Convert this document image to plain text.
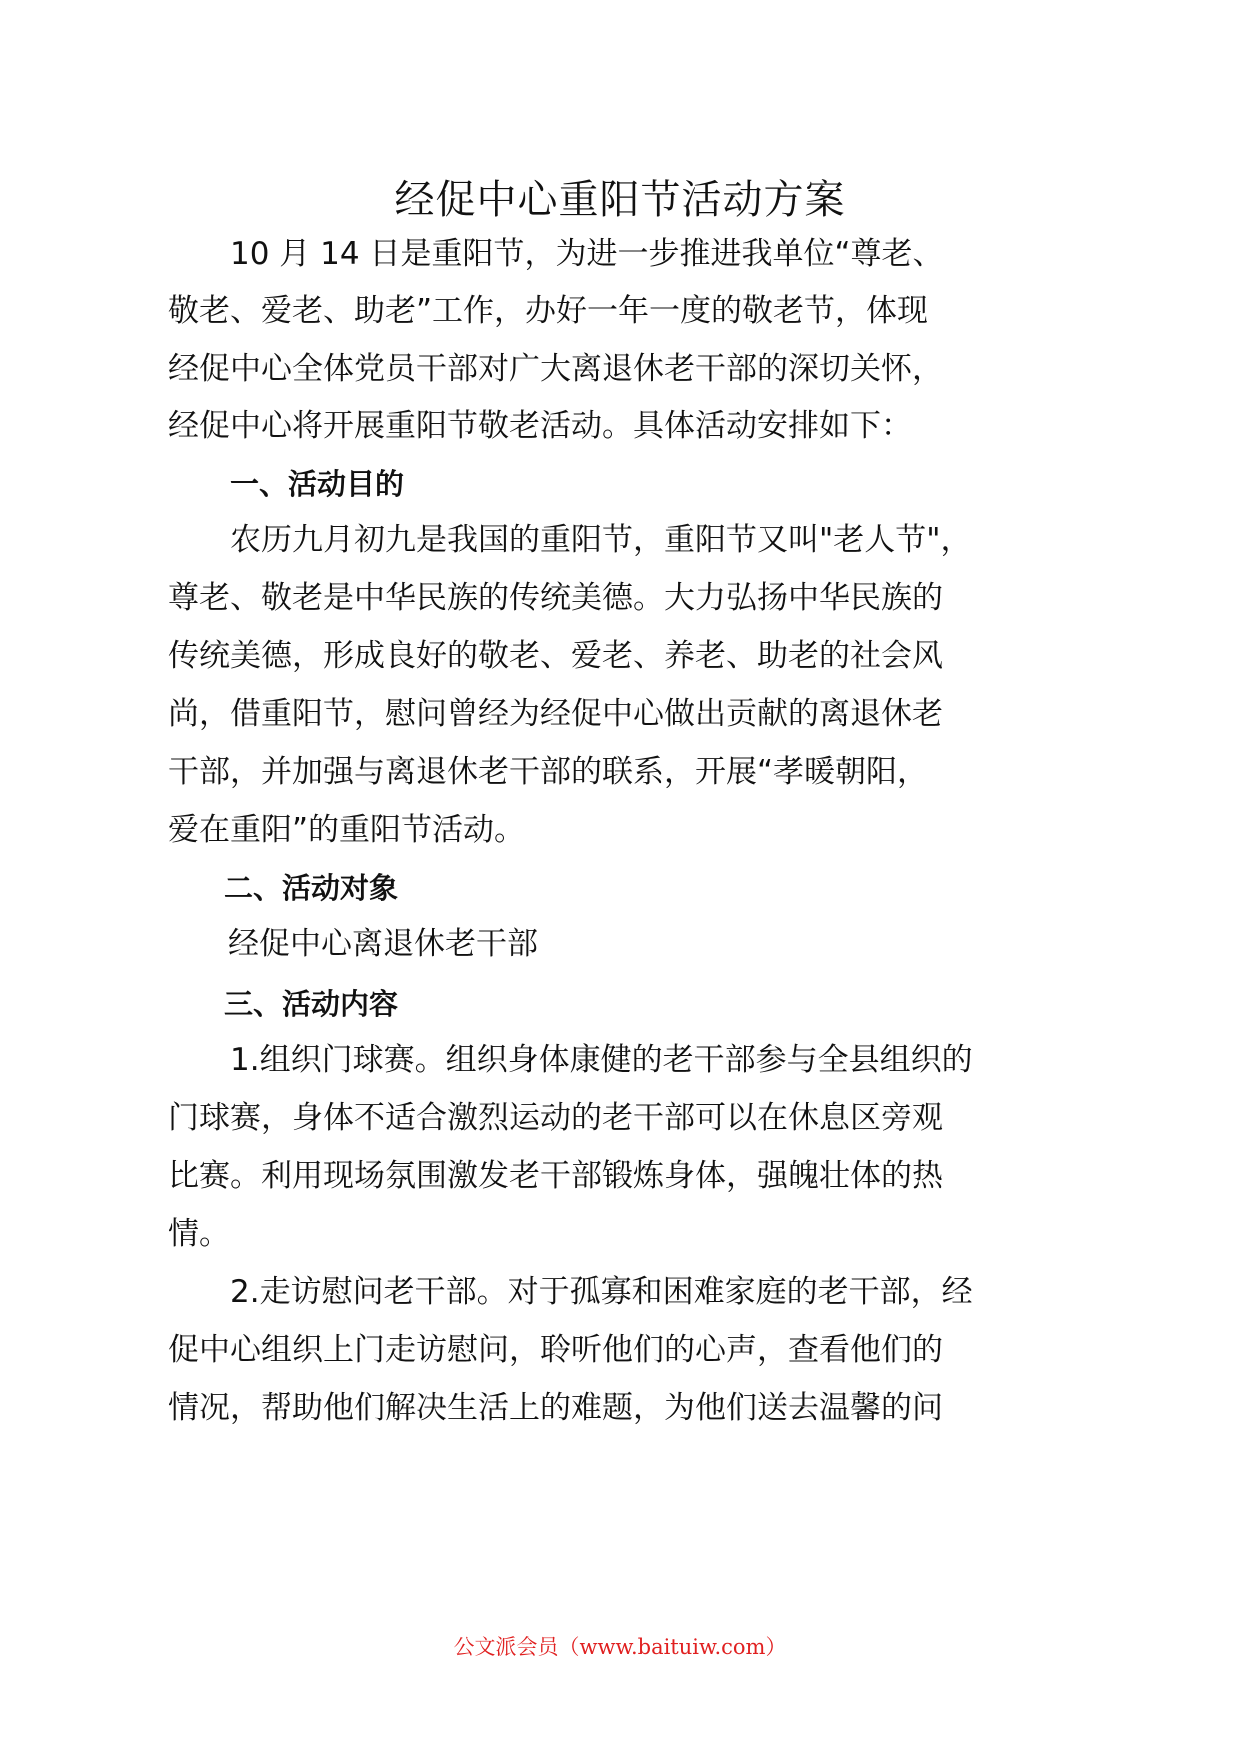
经促中心重阳节活动方案

10 月 14 日是重阳节，为进一步推进我单位“尊老、

敬老、爱老、助老”工作，办好一年一度的敬老节，体现

经促中心全体党员干部对广大离退休老干部的深切关怀，

经促中心将开展重阳节敬老活动。具体活动安排如下：

一、活动目的

农历九月初九是我国的重阳节，重阳节又叫"老人节"，

尊老、敬老是中华民族的传统美德。大力弘扬中华民族的

传统美德，形成良好的敬老、爱老、养老、助老的社会风

尚，借重阳节，慰问曾经为经促中心做出贡献的离退休老

干部，并加强与离退休老干部的联系，开展“孝暖朝阳，

爱在重阳”的重阳节活动。

二、活动对象

经促中心离退休老干部

三、活动内容

1.组织门球赛。组织身体康健的老干部参与全县组织的

门球赛，身体不适合激烈运动的老干部可以在休息区旁观

比赛。利用现场氛围激发老干部锻炼身体，强魄壮体的热

情。

2.走访慰问老干部。对于孤寡和困难家庭的老干部，经

促中心组织上门走访慰问，聆听他们的心声，查看他们的

情况，帮助他们解决生活上的难题，为他们送去温馨的问

公文派会员（www.baituiw.com）
